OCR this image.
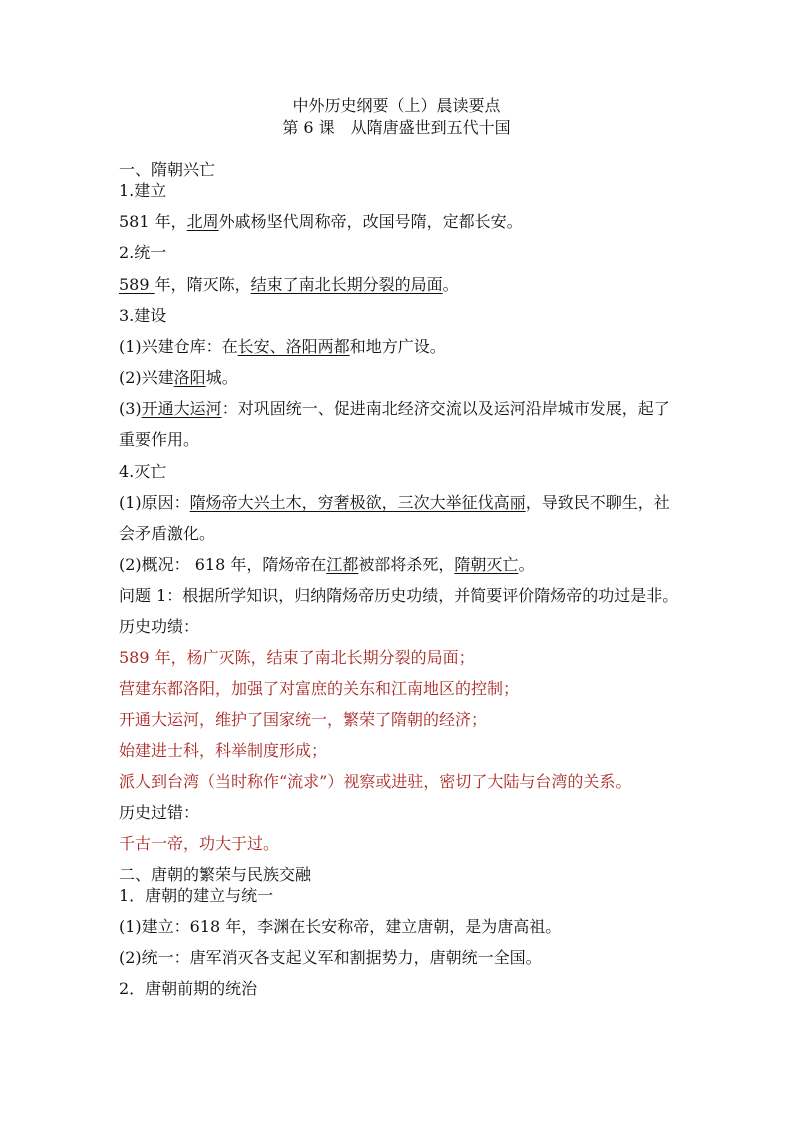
中外历史纲要（上）晨读要点
第 6 课　从隋唐盛世到五代十国
一、隋朝兴亡
1.建立
581 年，北周外戚杨坚代周称帝，改国号隋，定都长安。
2.统一
589 年，隋灭陈，结束了南北长期分裂的局面。
3.建设
(1)兴建仓库：在长安、洛阳两都和地方广设。
(2)兴建洛阳城。
(3)开通大运河：对巩固统一、促进南北经济交流以及运河沿岸城市发展，起了重要作用。
4.灭亡
(1)原因：隋炀帝大兴土木，穷奢极欲，三次大举征伐高丽，导致民不聊生，社会矛盾激化。
(2)概况： 618 年，隋炀帝在江都被部将杀死，隋朝灭亡。
问题 1：根据所学知识，归纳隋炀帝历史功绩，并简要评价隋炀帝的功过是非。
历史功绩：
589 年，杨广灭陈，结束了南北长期分裂的局面；
营建东都洛阳，加强了对富庶的关东和江南地区的控制；
开通大运河，维护了国家统一，繁荣了隋朝的经济；
始建进士科，科举制度形成；
派人到台湾（当时称作“流求”）视察或进驻，密切了大陆与台湾的关系。
历史过错：
千古一帝，功大于过。
二、唐朝的繁荣与民族交融
1．唐朝的建立与统一
(1)建立：618 年，李渊在长安称帝，建立唐朝，是为唐高祖。
(2)统一：唐军消灭各支起义军和割据势力，唐朝统一全国。
2．唐朝前期的统治
